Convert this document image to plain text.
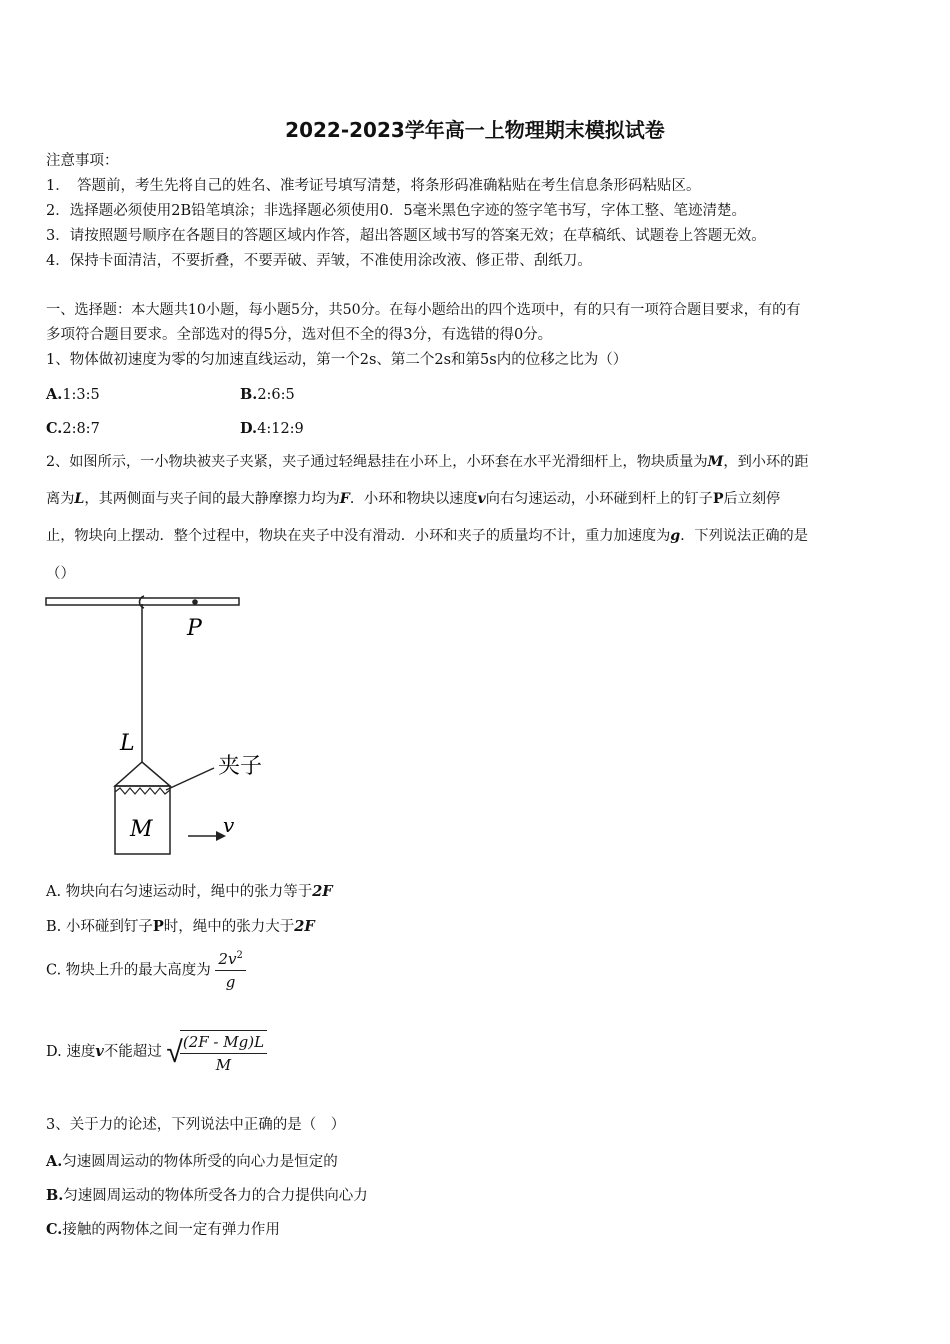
2022-2023学年高一上物理期末模拟试卷
注意事项：
1．　答题前，考生先将自己的姓名、准考证号填写清楚，将条形码准确粘贴在考生信息条形码粘贴区。
2．选择题必须使用2B铅笔填涂；非选择题必须使用0．5毫米黑色字迹的签字笔书写，字体工整、笔迹清楚。
3．请按照题号顺序在各题目的答题区域内作答，超出答题区域书写的答案无效；在草稿纸、试题卷上答题无效。
4．保持卡面清洁，不要折叠，不要弄破、弄皱，不准使用涂改液、修正带、刮纸刀。
一、选择题：本大题共10小题，每小题5分，共50分。在每小题给出的四个选项中，有的只有一项符合题目要求，有的有
多项符合题目要求。全部选对的得5分，选对但不全的得3分，有选错的得0分。
1、物体做初速度为零的匀加速直线运动，第一个2s、第二个2s和第5s内的位移之比为（）
A.1:3:5	B.2:6:5
C.2:8:7	D.4:12:9
2、如图所示，一小物块被夹子夹紧，夹子通过轻绳悬挂在小环上，小环套在水平光滑细杆上，物块质量为M，到小环的距
离为L，其两侧面与夹子间的最大静摩擦力均为F．小环和物块以速度v向右匀速运动，小环碰到杆上的钉子P后立刻停
止，物块向上摆动．整个过程中，物块在夹子中没有滑动．小环和夹子的质量均不计，重力加速度为g．下列说法正确的是
（）
P
L
夹子
M	v
A. 物块向右匀速运动时，绳中的张力等于2F
B. 小环碰到钉子P时，绳中的张力大于2F
C. 物块上升的最大高度为 $\frac{2v^2}{g}$
D. 速度v不能超过 √
$\frac{(2F - Mg)L}{M}$
3、关于力的论述，下列说法中正确的是（　）
A.匀速圆周运动的物体所受的向心力是恒定的
B.匀速圆周运动的物体所受各力的合力提供向心力
C.接触的两物体之间一定有弹力作用
